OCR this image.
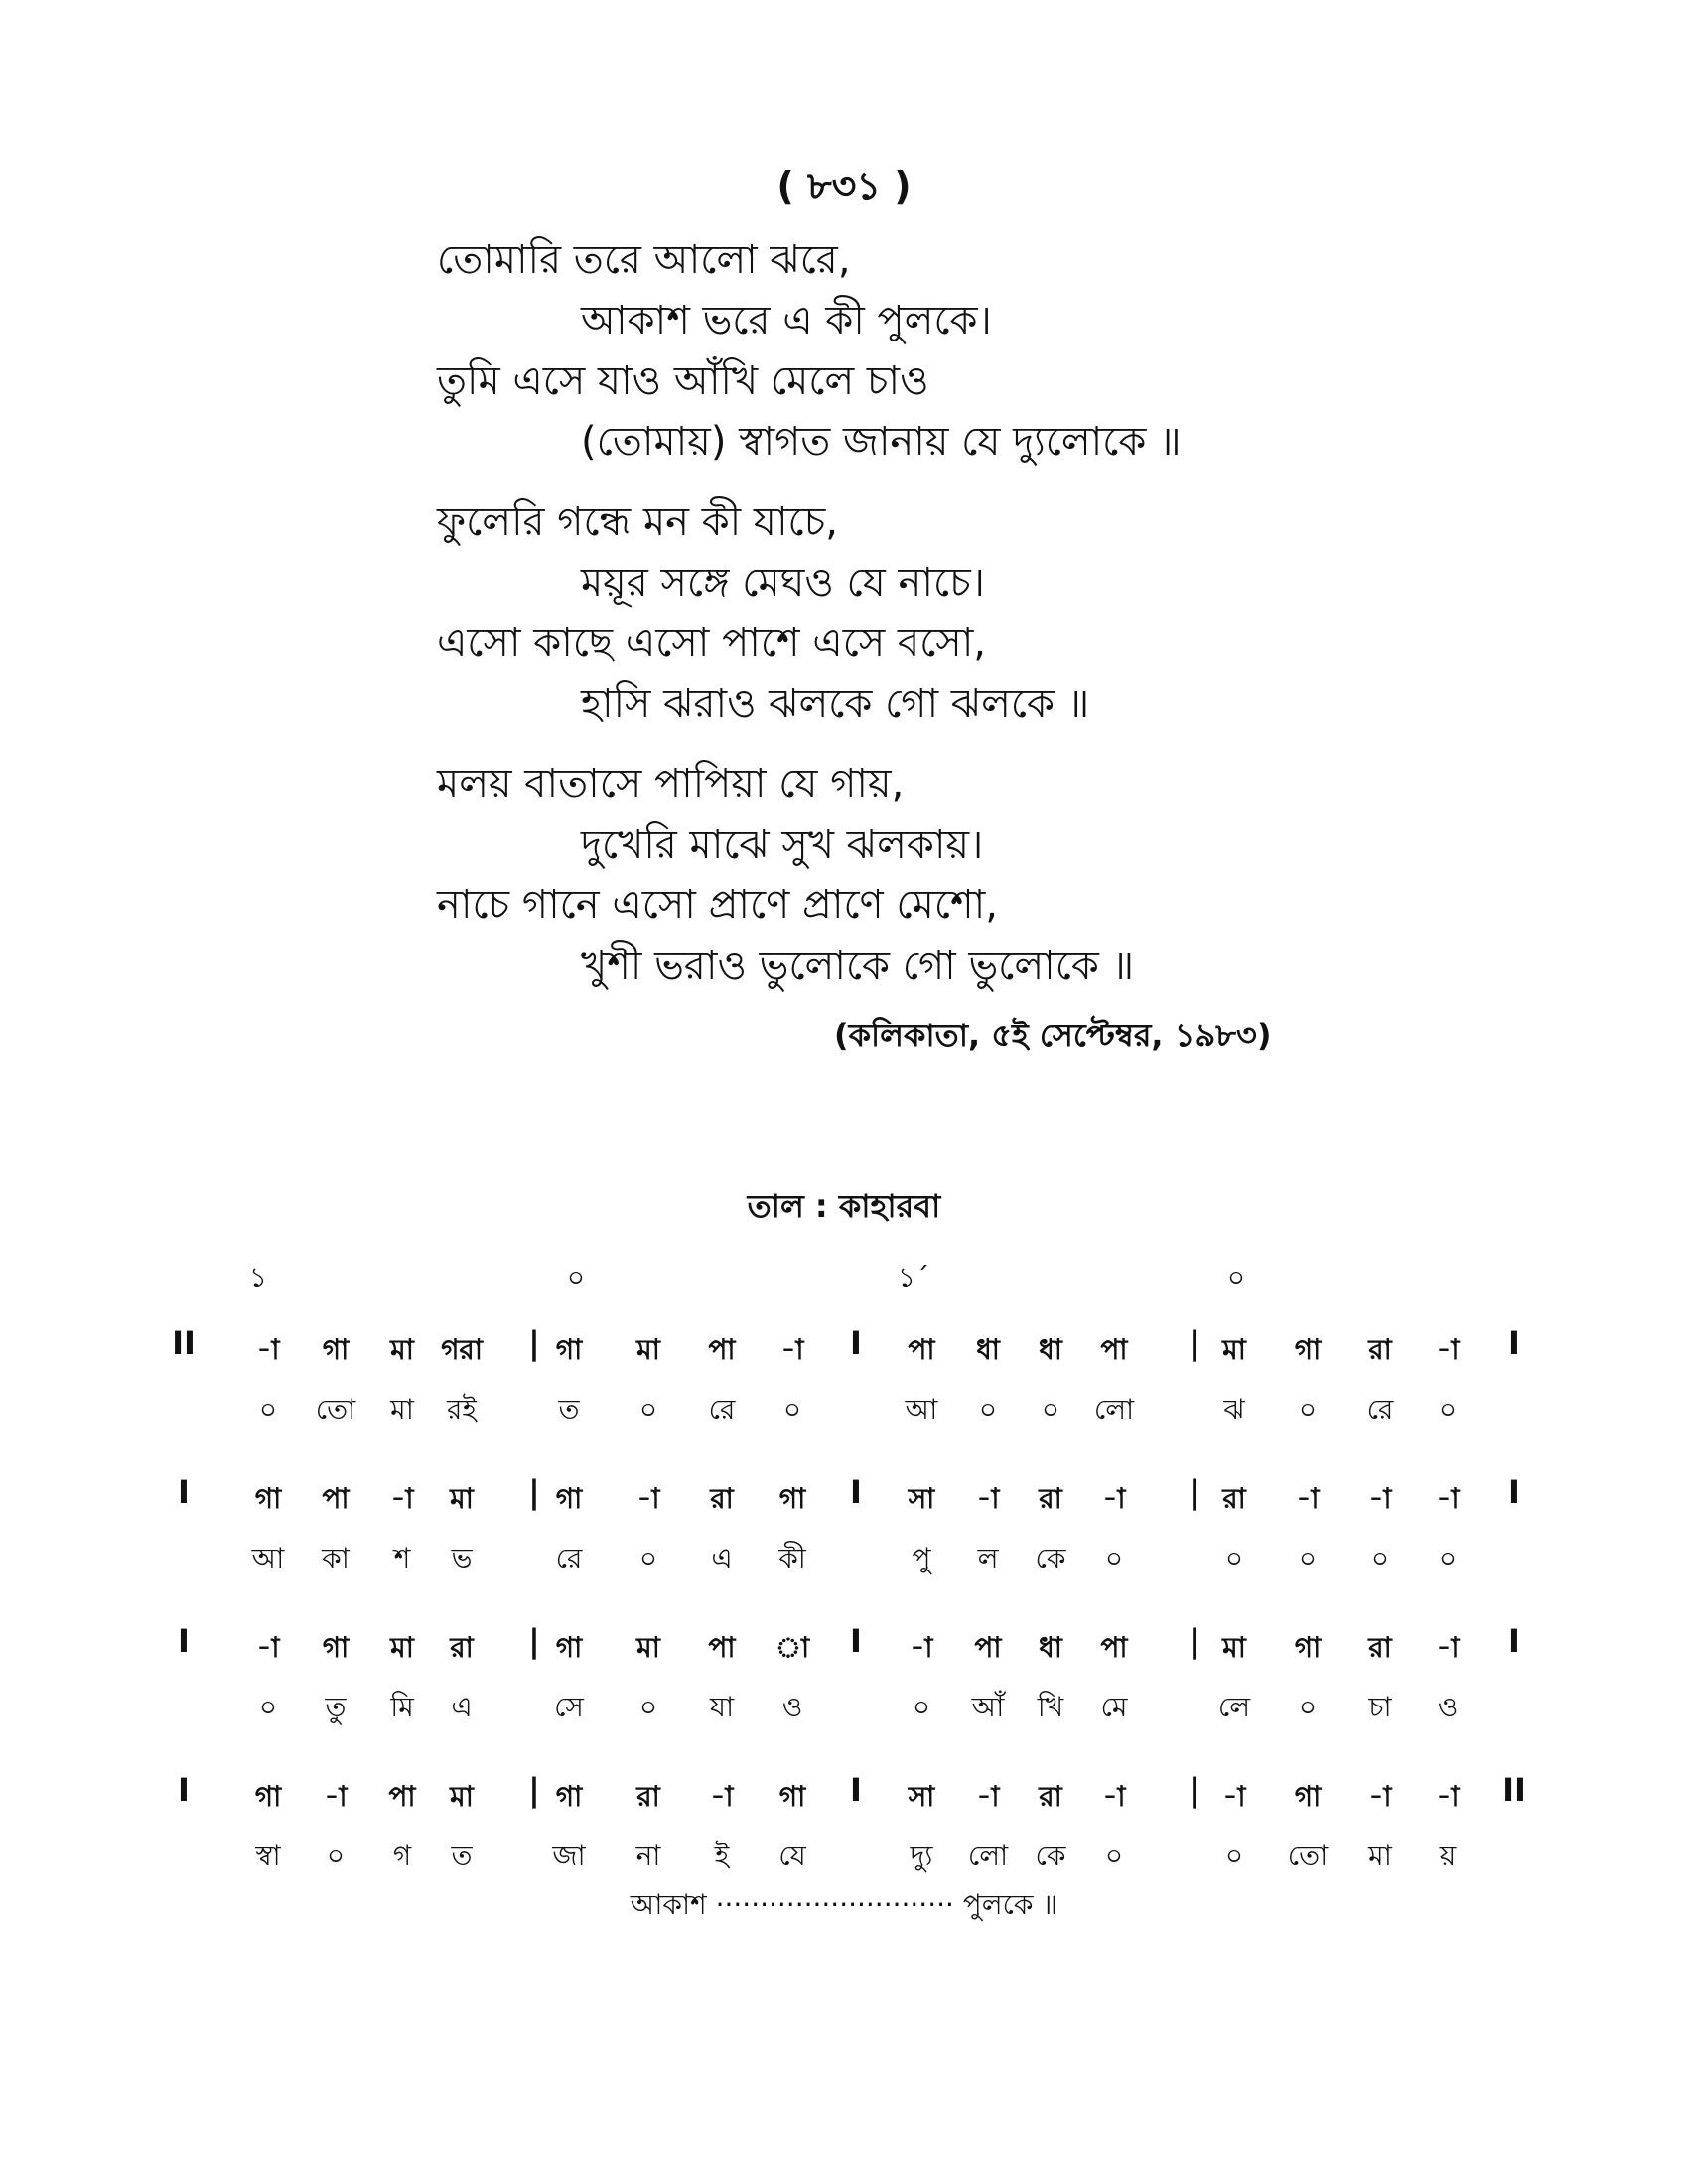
( ৮৩১ )
তোমারি তরে আলো ঝরে,
আকাশ ভরে এ কী পুলকে।
তুমি এসে যাও আঁখি মেলে চাও
(তোমায়) স্বাগত জানায় যে দ্যুলোকে ॥
ফুলেরি গন্ধে মন কী যাচে,
ময়ূর সঙ্গে মেঘও যে নাচে।
এসো কাছে এসো পাশে এসে বসো,
হাসি ঝরাও ঝলকে গো ঝলকে ॥
মলয় বাতাসে পাপিয়া যে গায়,
দুখেরি মাঝে সুখ ঝলকায়।
নাচে গানে এসো প্রাণে প্রাণে মেশো,
খুশী ভরাও ভুলোকে গো ভুলোকে ॥
(কলিকাতা, ৫ই সেপ্টেম্বর, ১৯৮৩)
তাল : কাহারবা
১	০	১´	০
II	I
|	I	|
-া গা মা গরা	গা মা পা -া	পা ধা ধা পা	মা গা রা -া
০ তো মা রই	ত ০ রে ০	আ ০ ০ লো	ঝ ০ রে ০
I	I
|	I	|
গা পা -া মা	গা -া রা গা	সা -া রা -া	রা -া -া -া
আ কা শ ভ	রে ০ এ কী	পু ল কে ০	০ ০ ০ ০
I	I
|	I	|
-া গা মা রা	গা মা পা া	-া পা ধা পা	মা গা রা -া
০ তু মি এ	সে ০ যা ও	০ আঁ খি মে	লে ০ চা ও
I	II
|	I	|
গা -া পা মা	গা রা -া গা	সা -া রা -া	-া গা -া -া
স্বা ০ গ ত	জা না ই যে	দ্যু লো কে ০	০ তো মা য়
আকাশ ··························· পুলকে ॥
